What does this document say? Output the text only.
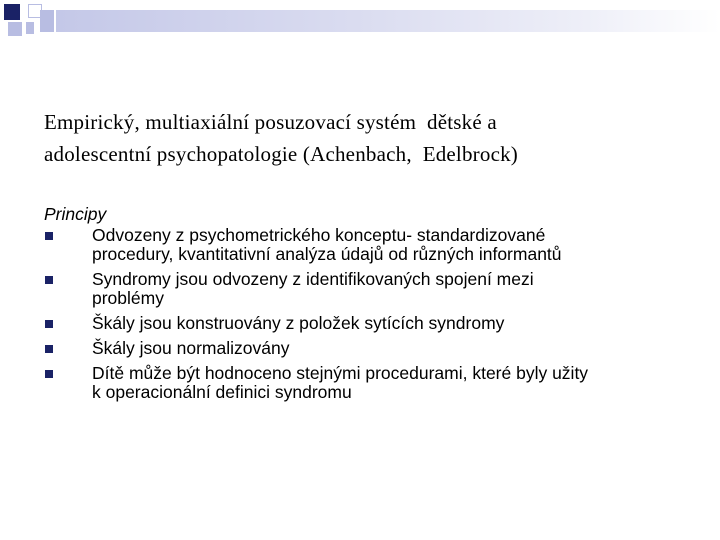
Empirický, multiaxiální posuzovací systém  dětské a
adolescentní psychopatologie (Achenbach,  Edelbrock)

Principy

Odvozeny z psychometrického konceptu- standardizované
procedury, kvantitativní analýza údajů od různých informantů
Syndromy jsou odvozeny z identifikovaných spojení mezi
problémy
Škály jsou konstruovány z položek sytících syndromy
Škály jsou normalizovány
Dítě může být hodnoceno stejnými procedurami, které byly užity
k operacionální definici syndromu
